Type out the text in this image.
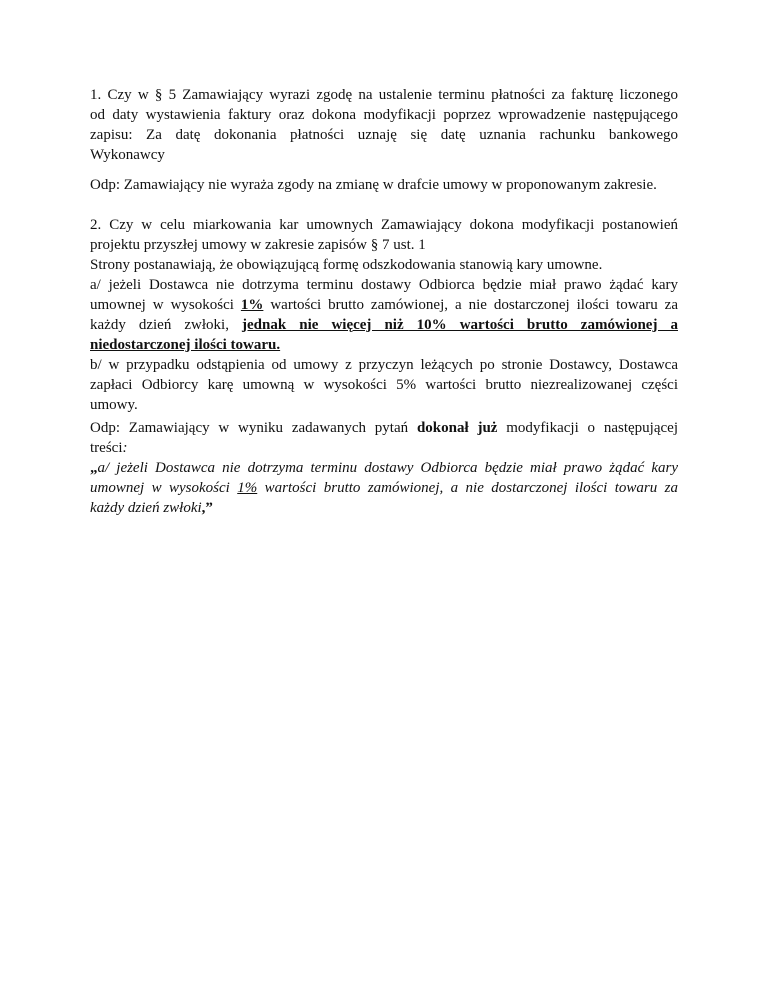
1. Czy w § 5 Zamawiający wyrazi zgodę na ustalenie terminu płatności za fakturę liczonego
od daty wystawienia faktury oraz dokona modyfikacji poprzez wprowadzenie następującego
zapisu: Za datę dokonania płatności uznaję się datę uznania rachunku bankowego
Wykonawcy
Odp: Zamawiający nie wyraża zgody na zmianę w drafcie umowy w proponowanym zakresie.
2. Czy w celu miarkowania kar umownych Zamawiający dokona modyfikacji postanowień
projektu przyszłej umowy w zakresie zapisów § 7 ust. 1
Strony postanawiają, że obowiązującą formę odszkodowania stanowią kary umowne.
a/ jeżeli Dostawca nie dotrzyma terminu dostawy Odbiorca będzie miał prawo żądać kary
umownej w wysokości 1% wartości brutto zamówionej, a nie dostarczonej ilości towaru za
każdy dzień zwłoki, jednak nie więcej niż 10% wartości brutto zamówionej a
niedostarczonej ilości towaru.
b/ w przypadku odstąpienia od umowy z przyczyn leżących po stronie Dostawcy, Dostawca
zapłaci Odbiorcy karę umowną w wysokości 5% wartości brutto niezrealizowanej części
umowy.
Odp: Zamawiający w wyniku zadawanych pytań dokonał już modyfikacji o następującej
treści:
„a/ jeżeli Dostawca nie dotrzyma terminu dostawy Odbiorca będzie miał prawo żądać kary
umownej w wysokości 1% wartości brutto zamówionej, a nie dostarczonej ilości towaru za
każdy dzień zwłoki,”
